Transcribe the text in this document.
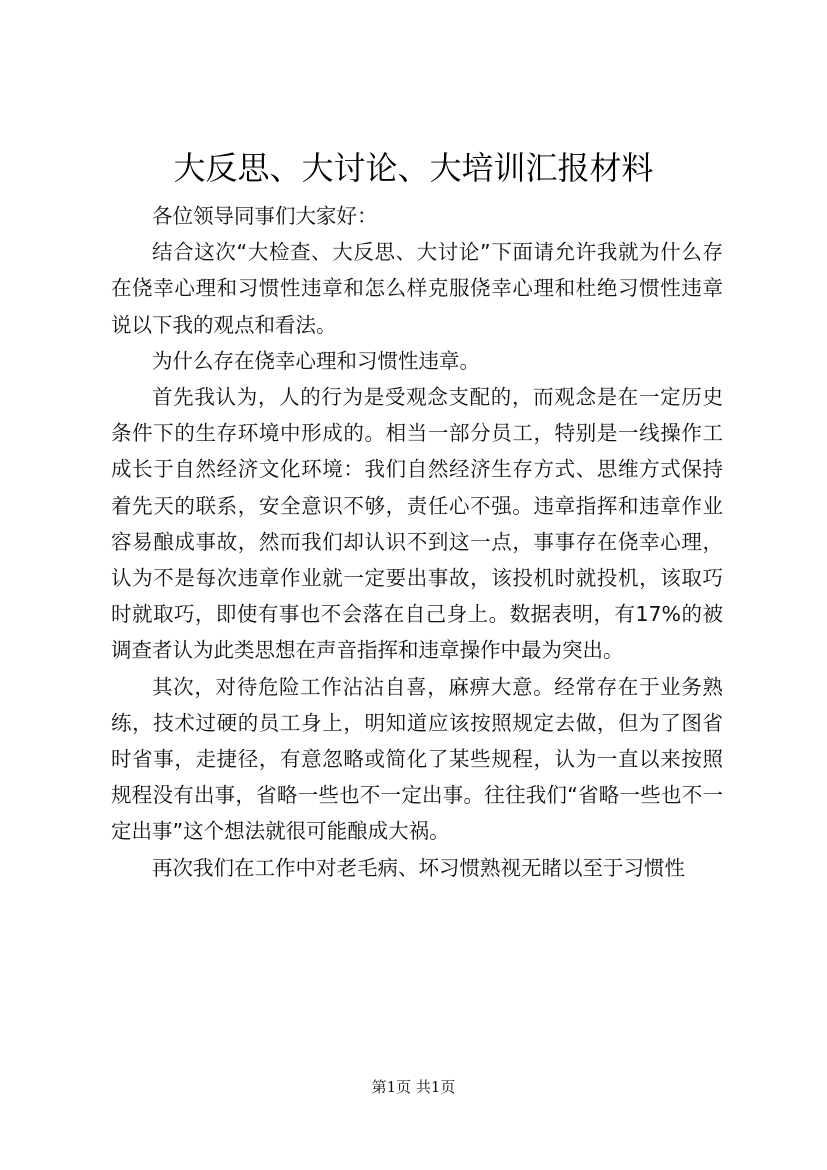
大反思、大讨论、大培训汇报材料

各位领导同事们大家好：

结合这次“大检查、大反思、大讨论”下面请允许我就为什么存在侥幸心理和习惯性违章和怎么样克服侥幸心理和杜绝习惯性违章说以下我的观点和看法。

为什么存在侥幸心理和习惯性违章。

首先我认为，人的行为是受观念支配的，而观念是在一定历史条件下的生存环境中形成的。相当一部分员工，特别是一线操作工成长于自然经济文化环境：我们自然经济生存方式、思维方式保持着先天的联系，安全意识不够，责任心不强。违章指挥和违章作业容易酿成事故，然而我们却认识不到这一点，事事存在侥幸心理，认为不是每次违章作业就一定要出事故，该投机时就投机，该取巧时就取巧，即使有事也不会落在自己身上。数据表明，有17%的被调查者认为此类思想在声音指挥和违章操作中最为突出。

其次，对待危险工作沾沾自喜，麻痹大意。经常存在于业务熟练，技术过硬的员工身上，明知道应该按照规定去做，但为了图省时省事，走捷径，有意忽略或简化了某些规程，认为一直以来按照规程没有出事，省略一些也不一定出事。往往我们“省略一些也不一定出事”这个想法就很可能酿成大祸。

再次我们在工作中对老毛病、坏习惯熟视无睹以至于习惯性

第1页 共1页
